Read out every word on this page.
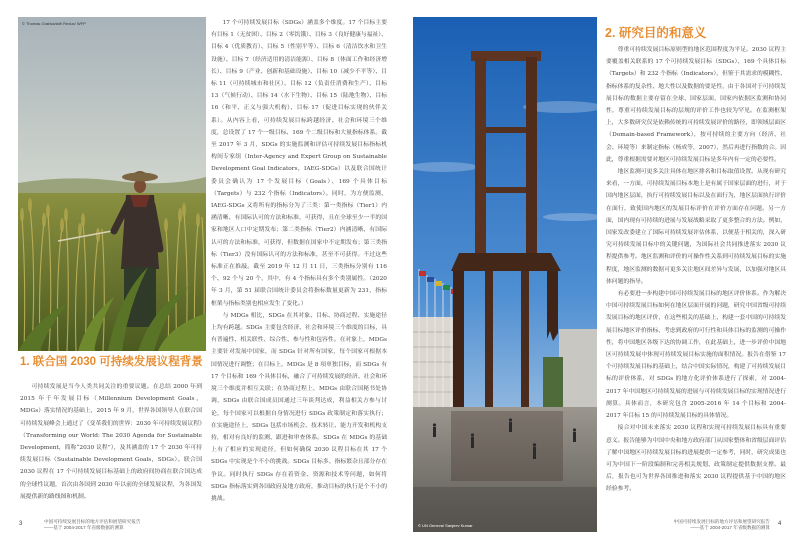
© Thomas Grabka/laif/ Redux/ WFP
1. 联合国 2030 可持续发展议程背景

可持续发展是当今人类共同关注的重要议题。在总结 2000 年到 2015 年千年发展目标（Millennium Development Goals，MDGs）落实情况的基础上，2015 年 9 月，世界各国领导人在联合国可持续发展峰会上通过了《变革我们的世界：2030 年可持续发展议程》（Transforming our World: The 2030 Agenda for Sustainable Development，简称“2030 议程”），及其涵盖的 17 个 2030 年可持续发展目标（Sustainable Development Goals，SDGs）。联合国 2030 议程在 17 个可持续发展目标基础上的政府间协商在联合国达成的全球性议题，首次由各国到 2030 年以前的全球发展议程，为各国发展提供新的路线图和机制。

17 个可持续发展目标（SDGs）涵盖多个维度。17 个目标主要有目标 1（无贫困）、目标 2（零饥饿）、目标 3（良好健康与福祉）、目标 4（优质教育）、目标 5（性别平等）、目标 6（清洁饮水和卫生设施）、目标 7（经济适用的清洁能源）、目标 8（体面工作和经济增长）、目标 9（产业、创新和基础设施）、目标 10（减少不平等）、目标 11（可持续城市和社区）、目标 12（负责任消费和生产）、目标 13（气候行动）、目标 14（水下生物）、目标 15（陆地生物）、目标 16（和平、正义与强大机构）、目标 17（促进目标实现的伙伴关系）。从内容上看，可持续发展目标跨越经济、社会和环境三个维度，总设置了 17 个一级目标、169 个二级目标和大量指标体系。截至 2017 年 3 月，SDGs 的实施监测和评估可持续发展目标指标机构间专家组（Inter-Agency and Expert Group on Sustainable Development Goal Indicators，IAEG-SDGs）以及联合国统计委员会确认为 17 个发展目标（Goals）、169 个具体目标（Targets）与 232 个指标（Indicators）。同时，为方便监测，IAEG-SDGs 又将所有的指标分为了三类：第一类指标（Tier1）内涵清晰、有国际认可的方法和标准，可获得，且在全球至少一半的国家和地区人口中定期发布；第二类指标（Tier2）内涵清晰、有国际认可的方法和标准，可获得，但数据在国家中不定期发布；第三类指标（Tier3）没有国际认可的方法和标准，甚至不可获得。不过这些标准正在推敲。截至 2019 年 12 月 11 日，三类指标分别有 116 个、92 个与 20 个，其中，有 4 个指标具有多个类别属性。（2020 年 3 月，第 51 届联合国统计委员会将指标数量更新为 231，指标框架与指标类别也相应发生了变化。）

与 MDGs 相比，SDGs 在其对象、目标、协商过程、实施途径上均有跨越。SDGs 主要包含经济、社会和环境三个维度的目标，具有普遍性、相关联性、综合性、参与性和包容性。在对象上，MDGs 主要针对发展中国家，而 SDGs 针对所有国家，每个国家可根据本国情况进行调整；在目标上，MDGs 是 8 项单独目标，而 SDGs 有 17 个目标和 169 个具体目标，融合了可持续发展的经济、社会和环境三个维度并相互关联；在协商过程上，MDGs 由联合国秘书处协调，SDGs 由联合国成员国通过三年谈判达成，利益相关方参与讨论，每个国家可以根据自身情况进行 SDGs 政策制定和落实执行；在实施途径上，SDGs 包括市场机会、技术转让、能力开发和机构支持，相对有良好的监测、跟进和审查体系。SDGs 在 MDGs 的基础上有了相应的实现途径，但如何确保 2030 议程目标在其 17 个 SDGs 中实现是个不小的挑战。SDGs 目标多、指标繁杂且部分存在争议。同时执行 SDGs 存在着资金、资源和技术等问题，如何将 SDGs 指标落实到各国政府及地方政府，推动目标的执行是个不小的挑战。

3	中国可持续发展目标的地方评估和展望研究报告
——基于 2004-2017 年省级数据的测算	© UN Geneva/ Sanjeev Kumar
2. 研究目的和意义

尊重可持续发展目标原则型的地区范围程度为平足。2030 议程主要覆盖相关联系的 17 个可持续发展目标（SDGs）、169 个具体目标（Targets）和 232 个指标（Indicators），但鉴于其需求的模糊性、指标体系的复杂性、地大性以及数据的要是性，由于各国对于可持续发展目标的数据主要存留在全球、国家层面，国家内依据区监测和协同性，尊重可持续发展目标的层规的评价工作也较为罕见。在监测框架上，大多数研究仅是依赖传统的可持续发展评价的路径，即领域层面区（Domain-based Framework），按可持续的主要方向（经济、社会、环境等）来制定指标（杨成等，2007），然后再进行指数的合。因此，尊重根据需要对地区可持续发展目标是多年内有一定的必要性。

地区监测可更多关注具体在地区排名和目标取值设置。从现有研究来看，一方面，可持续发展目标本地上是有属于国家层面的进行，对于国内地区层面，执行可持续发展目标以及在面行为，地区层面执行评价在面行，致使国内地区的发展目标评价在评价方面存在问题。另一方面，国内现有可持续的进展与发展战略采取了更多整合的方法。例如，国家发改委建立了国际可持续发展评估体系，以便基于相关的，深入研究可持续发展目标中的关键问题，为国际社会共同推进落实 2030 议程提供参考。地区监测和评价的可操作性关系到可持续发展目标的实施程度，地区监测的数据可更多关注地区间差异与发展，以加强对地区具体问题的指导。

有必要进一步构建中国可持续发展目标的地区评价体系。作为解决中国可持续发展目标如何在地区层面开展的问题，研究中国省级可持续发展目标的地区评价，在这些相关的基础上，构建一套中国的可持续发展目标地区评价指标，考虑到政府的可行性和具体目标的监测的可操作性，将中国地区各级下达的协调工作，在此基础上，进一步评价中国地区可持续发展中体现可持续发展目标实施的面积情况。报告在借鉴 17 个可持续发展目标的基础上，结合中国实际情况，构建了可持续发展目标的评价体系，对 SDGs 的地方化评价体系进行了探索，对 2004-2017 年中国地区可持续发展的进展与可持续发展目标的实现情况进行测算。具体而言，本研究包含 2005-2016 年 14 个目标和 2004-2017 年目标 15 的可持续发展目标的具体情况。

接合对中国未来落实 2030 议程和实现可持续发展目标具有重要意义。报告能够为中国中央和地方政府部门从国家整体和省级层面评估了解中国地区可持续发展目标的进展提供一定参考，同时，研究成果也可为中国下一阶段编制和完善相关规划、政策制定提供数据支撑。最后，报告也可为世界各国推进和落实 2030 议程提供基于中国的地区经验参考。

中国可持续发展目标的地方评估和展望研究报告
——基于 2004-2017 年省级数据的测算
4
